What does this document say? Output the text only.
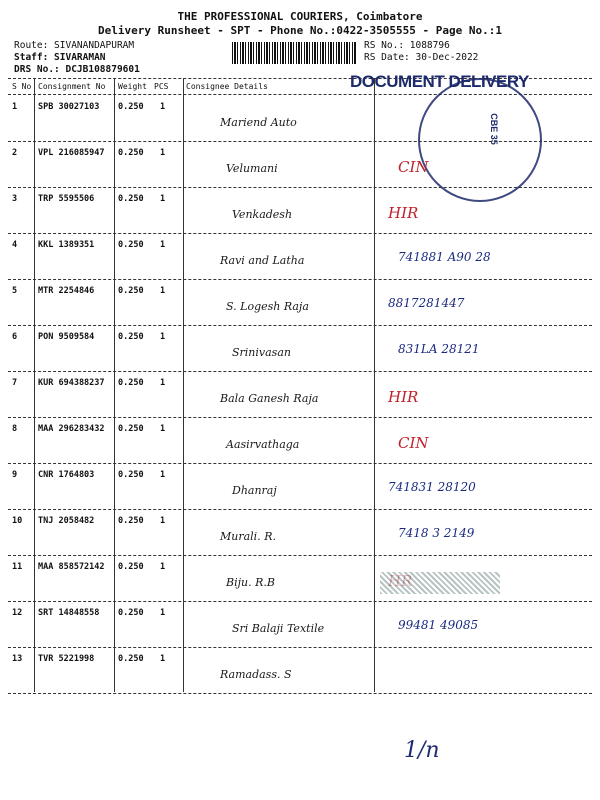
THE PROFESSIONAL COURIERS, Coimbatore
Delivery Runsheet - SPT - Phone No.:0422-3505555 - Page No.:1
Route: SIVANANDAPURAM
Staff: SIVARAMAN
DRS No.: DCJB108879601
RS No.: 1088796
RS Date: 30-Dec-2022
S No Consignment No Weight PCS Consignee Details	DOCUMENT DELIVERY
CBE 35
1 SPB 30027103 0.250 1
Mariend Auto
2 VPL 216085947 0.250 1
Velumani	CIN
3 TRP 5595506	0.250 1
Venkadesh	HIR
4 KKL 1389351	0.250 1
Ravi and Latha	741881 A90 28
5 MTR 2254846	0.250 1
S. Logesh Raja	8817281447
6 PON 9509584	0.250 1
Srinivasan	831LA 28121
7 KUR 694388237 0.250 1
Bala Ganesh Raja	HIR
8 MAA 296283432 0.250 1
Aasirvathaga	CIN
9 CNR 1764803	0.250 1
Dhanraj	741831 28120
10 TNJ 2058482	0.250 1
Murali. R.	7418 3 2149
11 MAA 858572142 0.250 1
Biju. R.B
12 SRT 14848558 0.250 1
Sri Balaji Textile	99481 49085
13 TVR 5221998	0.250 1
Ramadass. S
1/n
